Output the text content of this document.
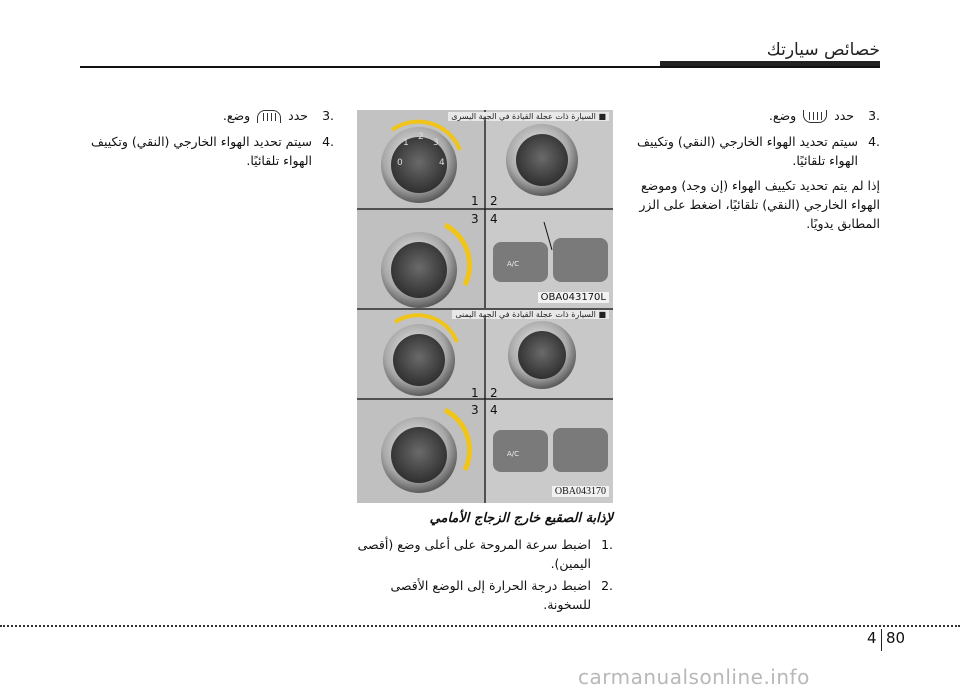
خصائص سيارتك
.3 حدد
وضع.
.4
سيتم تحديد الهواء الخارجي (النقي) وتكييف الهواء تلقائيًا.
إذا لم يتم تحديد تكييف الهواء (إن وجد) وموضع الهواء الخارجي (النقي) تلقائيًا، اضغط على الزر المطابق يدويًا.
.3 حدد
وضع.
.4
سيتم تحديد الهواء الخارجي (النقي) وتكييف الهواء تلقائيًا.
2
1	3
0	4
■ السيارة ذات عجلة القيادة في الجهة اليسرى
1 2
3 4
A/C
OBA043170L
■ السيارة ذات عجلة القيادة في الجهة اليمنى
1 2
3 4
A/C
OBA043170
لإذابة الصقيع خارج الزجاج الأمامي
.1
اضبط سرعة المروحة على أعلى وضع (أقصى اليمين).
.2
اضبط درجة الحرارة إلى الوضع الأقصى للسخونة.
4 80
carmanualsonline.info
